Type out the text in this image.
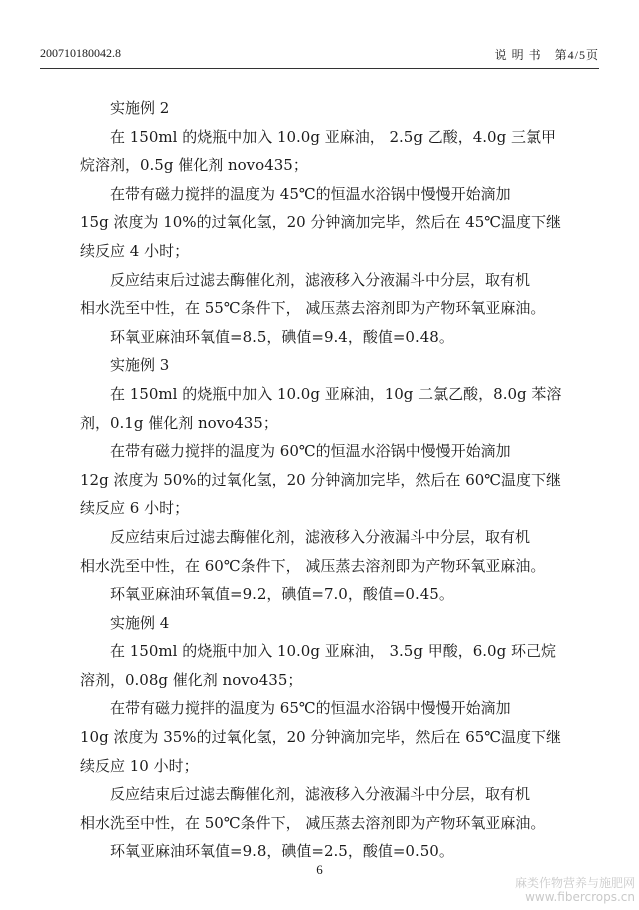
200710180042.8	说 明 书　第4/5页
实施例 2
在 150ml 的烧瓶中加入 10.0g 亚麻油， 2.5g 乙酸，4.0g 三氯甲
烷溶剂，0.5g 催化剂 novo435；
在带有磁力搅拌的温度为 45℃的恒温水浴锅中慢慢开始滴加
15g 浓度为 10%的过氧化氢，20 分钟滴加完毕，然后在 45℃温度下继
续反应 4 小时；
反应结束后过滤去酶催化剂，滤液移入分液漏斗中分层，取有机
相水洗至中性，在 55℃条件下， 减压蒸去溶剂即为产物环氧亚麻油。
环氧亚麻油环氧值=8.5，碘值=9.4，酸值=0.48。
实施例 3
在 150ml 的烧瓶中加入 10.0g 亚麻油，10g 二氯乙酸，8.0g 苯溶
剂，0.1g 催化剂 novo435；
在带有磁力搅拌的温度为 60℃的恒温水浴锅中慢慢开始滴加
12g 浓度为 50%的过氧化氢，20 分钟滴加完毕，然后在 60℃温度下继
续反应 6 小时；
反应结束后过滤去酶催化剂，滤液移入分液漏斗中分层，取有机
相水洗至中性，在 60℃条件下， 减压蒸去溶剂即为产物环氧亚麻油。
环氧亚麻油环氧值=9.2，碘值=7.0，酸值=0.45。
实施例 4
在 150ml 的烧瓶中加入 10.0g 亚麻油， 3.5g 甲酸，6.0g 环己烷
溶剂，0.08g 催化剂 novo435；
在带有磁力搅拌的温度为 65℃的恒温水浴锅中慢慢开始滴加
10g 浓度为 35%的过氧化氢，20 分钟滴加完毕，然后在 65℃温度下继
续反应 10 小时；
反应结束后过滤去酶催化剂，滤液移入分液漏斗中分层，取有机
相水洗至中性，在 50℃条件下， 减压蒸去溶剂即为产物环氧亚麻油。
环氧亚麻油环氧值=9.8，碘值=2.5，酸值=0.50。
6
麻类作物营养与施肥网
www.fibercrops.cn
